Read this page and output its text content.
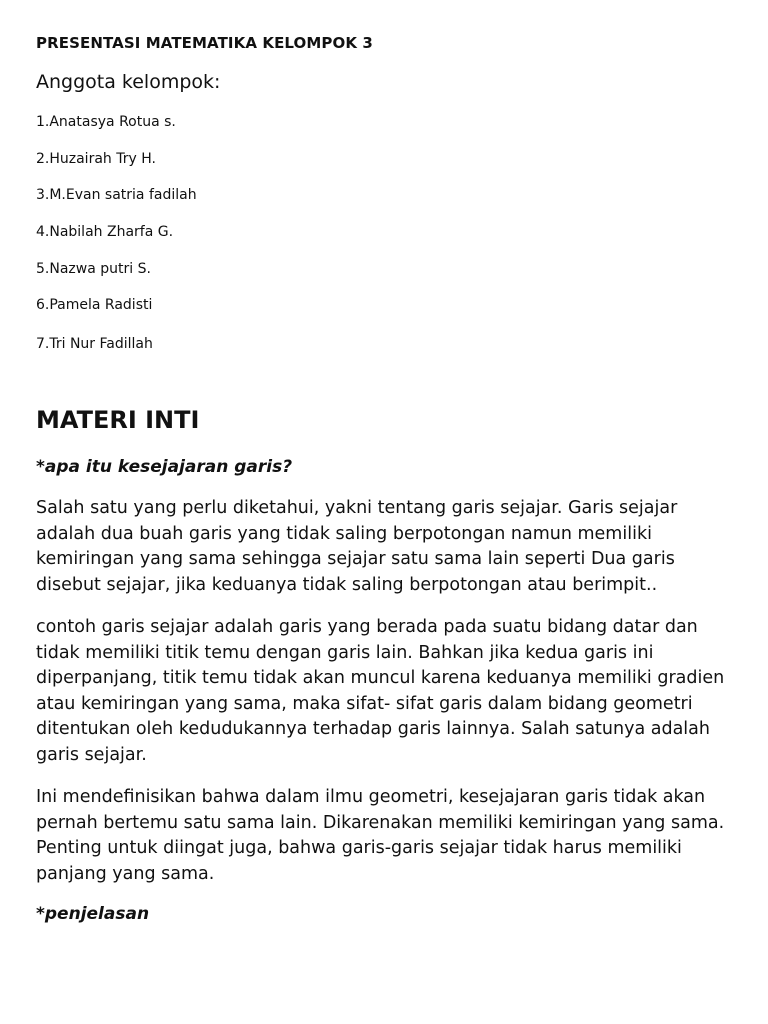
PRESENTASI MATEMATIKA KELOMPOK 3
Anggota kelompok:
1.Anatasya Rotua s.
2.Huzairah Try H.
3.M.Evan satria fadilah
4.Nabilah Zharfa G.
5.Nazwa putri S.
6.Pamela Radisti
7.Tri Nur Fadillah
MATERI INTI
*apa itu kesejajaran garis?

Salah satu yang perlu diketahui, yakni tentang garis sejajar. Garis sejajar adalah dua buah garis yang tidak saling berpotongan namun memiliki kemiringan yang sama sehingga sejajar satu sama lain seperti Dua garis disebut sejajar, jika keduanya tidak saling berpotongan atau berimpit..

contoh garis sejajar adalah garis yang berada pada suatu bidang datar dan tidak memiliki titik temu dengan garis lain. Bahkan jika kedua garis ini diperpanjang, titik temu tidak akan muncul karena keduanya memiliki gradien atau kemiringan yang sama, maka sifat- sifat garis dalam bidang geometri ditentukan oleh kedudukannya terhadap garis lainnya. Salah satunya adalah garis sejajar.

Ini mendefinisikan bahwa dalam ilmu geometri, kesejajaran garis tidak akan pernah bertemu satu sama lain. Dikarenakan memiliki kemiringan yang sama. Penting untuk diingat juga, bahwa garis-garis sejajar tidak harus memiliki panjang yang sama.

*penjelasan
